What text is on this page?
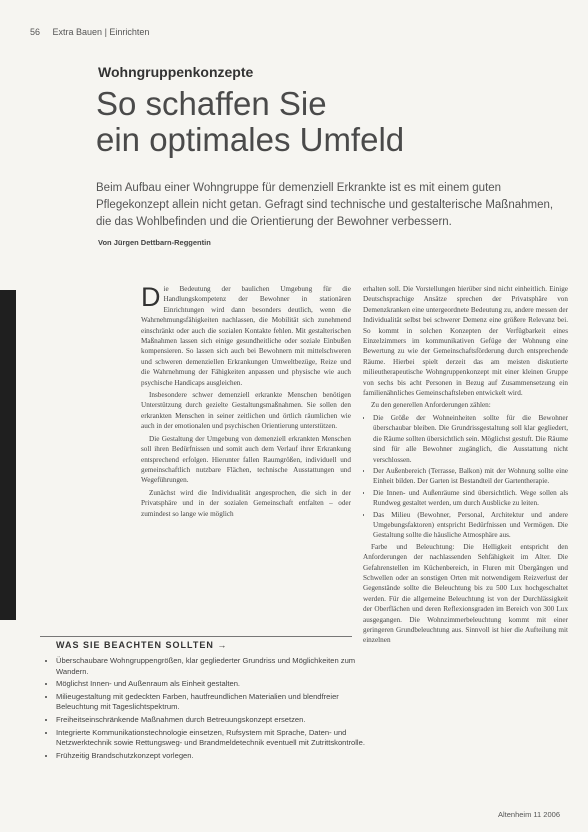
56 Extra Bauen | Einrichten
Wohngruppenkonzepte
So schaffen Sie
ein optimales Umfeld
Beim Aufbau einer Wohngruppe für demenziell Erkrankte ist es mit einem guten Pflegekonzept allein nicht getan. Gefragt sind technische und gestalterische Maßnahmen, die das Wohlbefinden und die Orientierung der Bewohner verbessern.
Von Jürgen Dettbarn-Reggentin

Die Bedeutung der baulichen Umgebung für die Handlungskompetenz der Bewohner in stationären Einrichtungen wird dann besonders deutlich, wenn die Wahrnehmungsfähigkeiten nachlassen, die Mobilität sich zunehmend einschränkt oder auch die sozialen Kontakte fehlen. Mit gestalterischen Maßnahmen lassen sich einige gesundheitliche oder soziale Einbußen kompensieren. So lassen sich auch bei Bewohnern mit mittelschweren und schweren demenziellen Erkrankungen Umweltbezüge, Reize und die Wahrnehmung der Fähigkeiten anpassen und physische wie auch psychische Handicaps ausgleichen.

Insbesondere schwer demenziell erkrankte Menschen benötigen Unterstützung durch gezielte Gestaltungsmaßnahmen. Sie sollen den erkrankten Menschen in seiner zeitlichen und örtlich räumlichen wie auch in der emotionalen und psychischen Orientierung unterstützen.

Die Gestaltung der Umgebung von demenziell erkrankten Menschen soll ihren Bedürfnissen und somit auch dem Verlauf ihrer Erkrankung entsprechend erfolgen. Hierunter fallen Raumgrößen, individuell und gemeinschaftlich nutzbare Flächen, technische Ausstattungen und Wegeführungen.

Zunächst wird die Individualität angesprochen, die sich in der Privatsphäre und in der sozialen Gemeinschaft entfalten – oder zumindest so lange wie möglich

erhalten soll. Die Vorstellungen hierüber sind nicht einheitlich. Einige Deutschsprachige Ansätze sprechen der Privatsphäre von Demenzkranken eine untergeordnete Bedeutung zu, andere messen der Individualität selbst bei schwerer Demenz eine größere Relevanz bei. So kommt in solchen Konzepten der Verfügbarkeit eines Einzelzimmers im kommunikativen Gefüge der Wohnung eine Bewertung zu wie der Gemeinschaftsförderung durch entsprechende Räume. Hierbei spielt derzeit das am meisten diskutierte milieutherapeutische Wohngruppenkonzept mit einer kleinen Gruppe von sechs bis acht Personen in Bezug auf Zusammensetzung ein familienähnliches Gemeinschaftsleben entwickelt wird.

Zu den generellen Anforderungen zählen:

• Die Größe der Wohneinheiten sollte für die Bewohner überschaubar bleiben. Die Grundrissgestaltung soll klar gegliedert, die Räume sollten übersichtlich sein. Möglichst gestuft. Die Räume sind für alle Bewohner zugänglich, die Ausstattung nicht verschlossen.
• Der Außenbereich (Terrasse, Balkon) mit der Wohnung sollte eine Einheit bilden. Der Garten ist Bestandteil der Gartentherapie.
• Die Innen- und Außenräume sind übersichtlich. Wege sollen als Rundweg gestaltet werden, um durch Ausblicke zu leiten.
• Das Milieu (Bewohner, Personal, Architektur und andere Umgebungsfaktoren) entspricht Bedürfnissen und Vermögen. Die Gestaltung sollte die häusliche Atmosphäre aus.

Farbe und Beleuchtung: Die Helligkeit entspricht den Anforderungen der nachlassenden Sehfähigkeit im Alter. Die Gefahrenstellen im Küchenbereich, in Fluren mit Übergängen und Schwellen oder an sonstigen Orten mit notwendigem Reizverlust der Gegenstände sollte die Beleuchtung bis zu 500 Lux hochgeschaltet werden. Für die allgemeine Beleuchtung ist von der Durchlässigkeit der Oberflächen und deren Reflexionsgraden im Bereich von 300 Lux ausgegangen. Die Wohnzimmerbeleuchtung kommt mit einer geringeren Grundbeleuchtung aus. Sinnvoll ist hier die Aufteilung mit einzelnen

WAS SIE BEACHTEN SOLLTEN →
• Überschaubare Wohngruppengrößen, klar gegliederter Grundriss und Möglichkeiten zum Wandern.
• Möglichst Innen- und Außenraum als Einheit gestalten.
• Milieugestaltung mit gedeckten Farben, hautfreundlichen Materialien und blendfreier Beleuchtung mit Tageslichtspektrum.
• Freiheitseinschränkende Maßnahmen durch Betreuungskonzept ersetzen.
• Integrierte Kommunikationstechnologie einsetzen, Rufsystem mit Sprache, Daten- und Netzwerktechnik sowie Rettungsweg- und Brandmeldetechnik eventuell mit Zutrittskontrolle.
• Frühzeitig Brandschutzkonzept vorlegen.
Altenheim 11 2006
